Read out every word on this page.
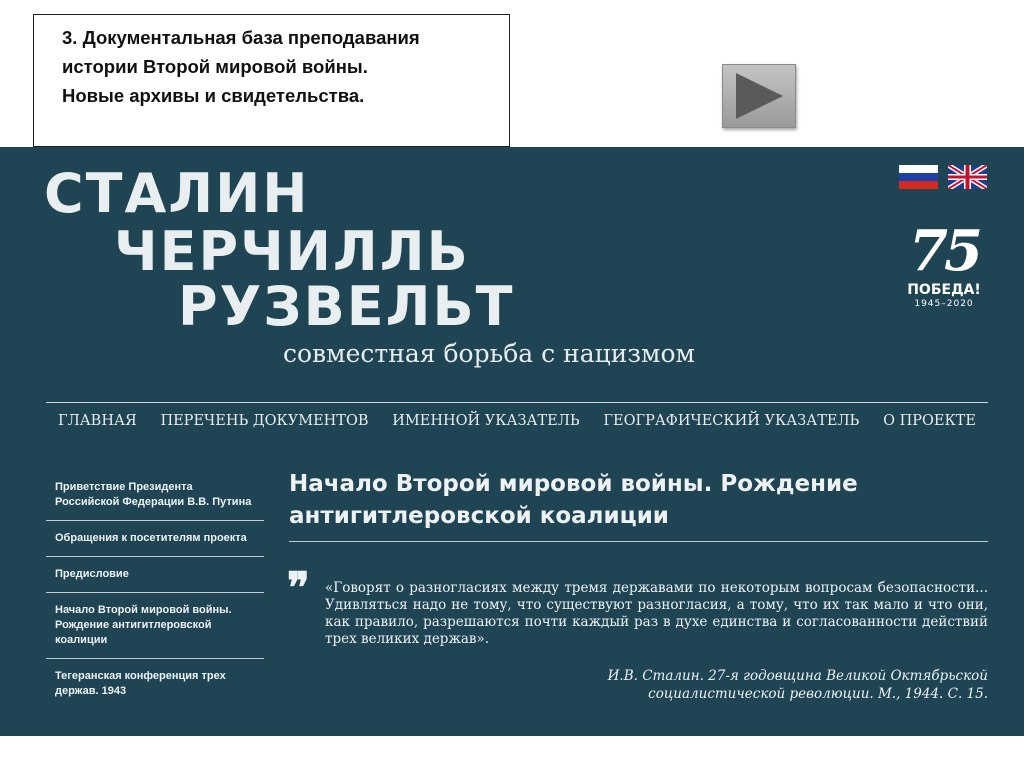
3. Документальная база преподавания
истории Второй мировой войны.
Новые архивы и свидетельства.

СТАЛИН
ЧЕРЧИЛЛЬ
РУЗВЕЛЬТ
совместная борьба с нацизмом
75
ПОБЕДА!
1945–2020
ГЛАВНАЯ ПЕРЕЧЕНЬ ДОКУМЕНТОВ ИМЕННОЙ УКАЗАТЕЛЬ ГЕОГРАФИЧЕСКИЙ УКАЗАТЕЛЬ О ПРОЕКТЕ
Приветствие Президента Российской Федерации В.В. Путина
Обращения к посетителям проекта
Предисловие
Начало Второй мировой войны. Рождение антигитлеровской коалиции
Тегеранская конференция трех держав. 1943
Начало Второй мировой войны. Рождение антигитлеровской коалиции
❞ «Говорят о разногласиях между тремя державами по некоторым вопросам безопасности... Удивляться надо не тому, что существуют разногласия, а тому, что их так мало и что они, как правило, разрешаются почти каждый раз в духе единства и согласованности действий трех великих держав».
И.В. Сталин. 27-я годовщина Великой Октябрьской социалистической революции. М., 1944. С. 15.
